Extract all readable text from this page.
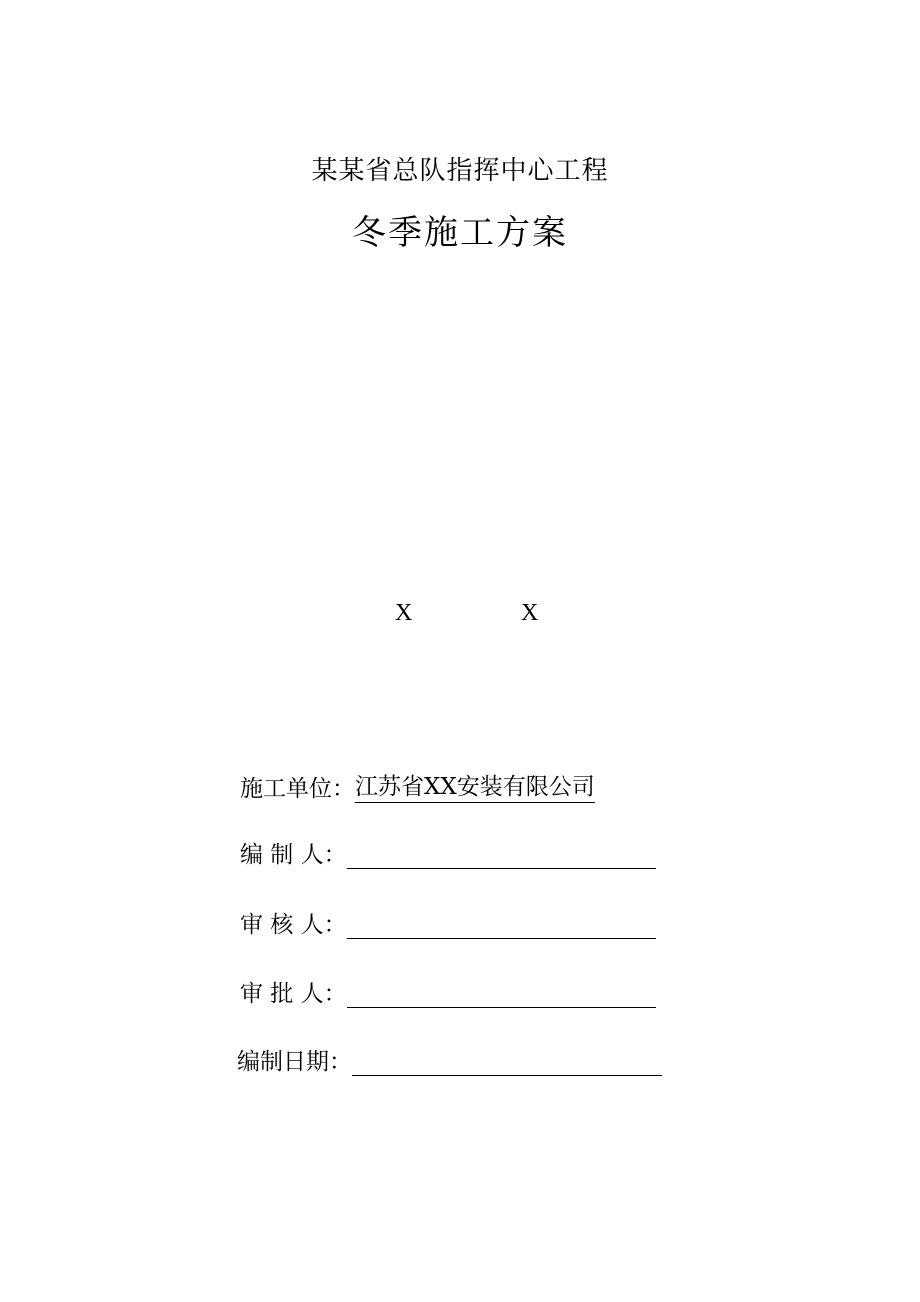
某某省总队指挥中心工程
冬季施工方案
X	X
施工单位：江苏省XX安装有限公司
编 制 人：
审 核 人：
审 批 人：
编制日期：
